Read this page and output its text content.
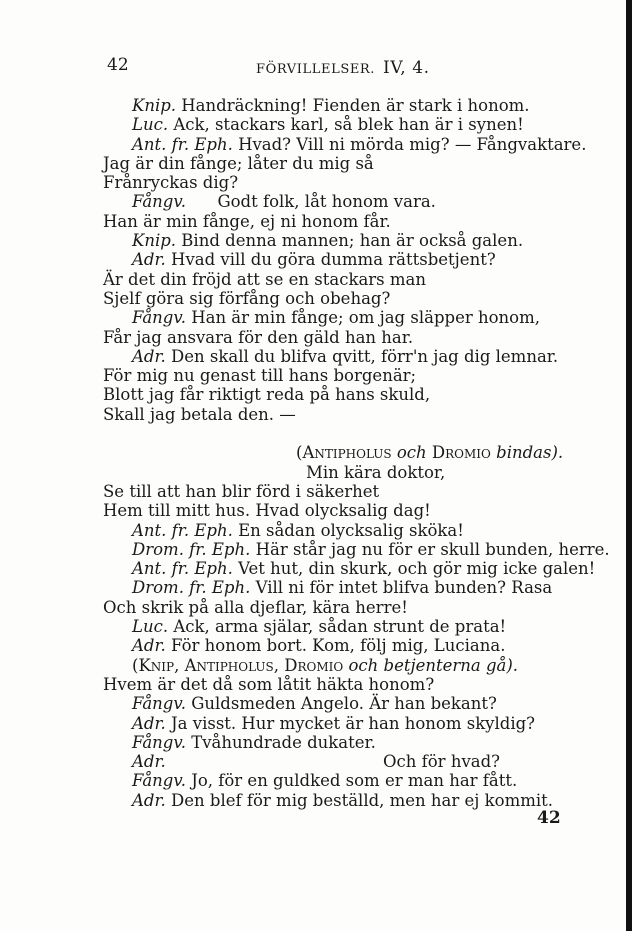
42	FÖRVILLELSER. IV, 4.
Knip. Handräckning! Fienden är stark i honom.
Luc. Ack, stackars karl, så blek han är i synen!
Ant. fr. Eph. Hvad? Vill ni mörda mig? — Fångvaktare.
Jag är din fånge; låter du mig så
Frånryckas dig?
Fångv.      Godt folk, låt honom vara.
Han är min fånge, ej ni honom får.
Knip. Bind denna mannen; han är också galen.
Adr. Hvad vill du göra dumma rättsbetjent?
Är det din fröjd att se en stackars man
Sjelf göra sig förfång och obehag?
Fångv. Han är min fånge; om jag släpper honom,
Får jag ansvara för den gäld han har.
Adr. Den skall du blifva qvitt, förr'n jag dig lemnar.
För mig nu genast till hans borgenär;
Blott jag får riktigt reda på hans skuld,
Skall jag betala den. —
(Antipholus och Dromio bindas).
Min kära doktor,
Se till att han blir förd i säkerhet
Hem till mitt hus. Hvad olycksalig dag!
Ant. fr. Eph. En sådan olycksalig sköka!
Drom. fr. Eph. Här står jag nu för er skull bunden, herre.
Ant. fr. Eph. Vet hut, din skurk, och gör mig icke galen!
Drom. fr. Eph. Vill ni för intet blifva bunden? Rasa
Och skrik på alla djeflar, kära herre!
Luc. Ack, arma själar, sådan strunt de prata!
Adr. För honom bort. Kom, följ mig, Luciana.
(Knip, Antipholus, Dromio och betjenterna gå).
Hvem är det då som låtit häkta honom?
Fångv. Guldsmeden Angelo. Är han bekant?
Adr. Ja visst. Hur mycket är han honom skyldig?
Fångv. Tvåhundrade dukater.
Adr.	Och för hvad?
Fångv. Jo, för en guldked som er man har fått.
Adr. Den blef för mig beställd, men har ej kommit.
42
